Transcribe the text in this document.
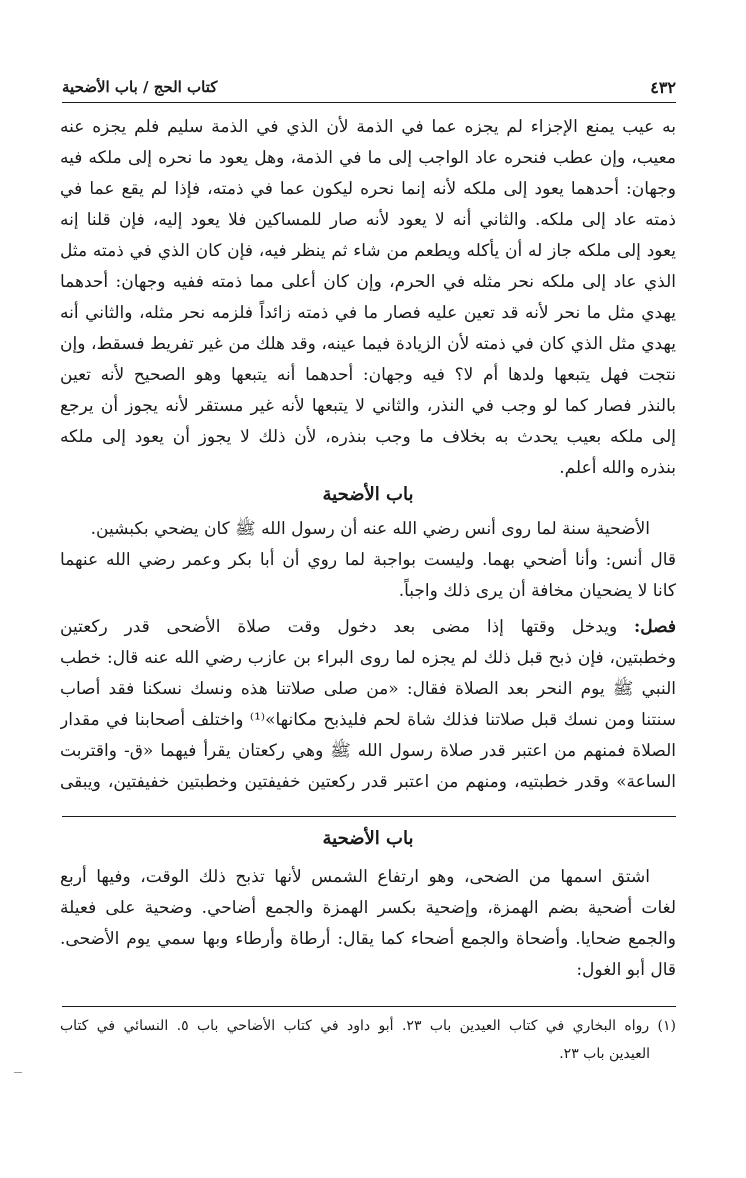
٤٣٢
كتاب الحج / باب الأضحية
به عيب يمنع الإجزاء لم يجزه عما في الذمة لأن الذي في الذمة سليم فلم يجزه عنه
معيب، وإن عطب فنحره عاد الواجب إلى ما في الذمة، وهل يعود ما نحره إلى ملكه فيه
وجهان: أحدهما يعود إلى ملكه لأنه إنما نحره ليكون عما في ذمته، فإذا لم يقع عما في
ذمته عاد إلى ملكه. والثاني أنه لا يعود لأنه صار للمساكين فلا يعود إليه، فإن قلنا إنه
يعود إلى ملكه جاز له أن يأكله ويطعم من شاء ثم ينظر فيه، فإن كان الذي في ذمته مثل
الذي عاد إلى ملكه نحر مثله في الحرم، وإن كان أعلى مما ذمته ففيه وجهان: أحدهما
يهدي مثل ما نحر لأنه قد تعين عليه فصار ما في ذمته زائداً فلزمه نحر مثله، والثاني أنه
يهدي مثل الذي كان في ذمته لأن الزيادة فيما عينه، وقد هلك من غير تفريط فسقط، وإن
نتجت فهل يتبعها ولدها أم لا؟ فيه وجهان: أحدهما أنه يتبعها وهو الصحيح لأنه تعين
بالنذر فصار كما لو وجب في النذر، والثاني لا يتبعها لأنه غير مستقر لأنه يجوز أن يرجع
إلى ملكه بعيب يحدث به بخلاف ما وجب بنذره، لأن ذلك لا يجوز أن يعود إلى ملكه
بنذره والله أعلم.
باب الأضحية
الأضحية سنة لما روى أنس رضي الله عنه أن رسول الله ﷺ كان يضحي بكبشين.
قال أنس: وأنا أضحي بهما. وليست بواجبة لما روي أن أبا بكر وعمر رضي الله عنهما
كانا لا يضحيان مخافة أن يرى ذلك واجباً.
فصل: ويدخل وقتها إذا مضى بعد دخول وقت صلاة الأضحى قدر ركعتين
وخطبتين، فإن ذبح قبل ذلك لم يجزه لما روى البراء بن عازب رضي الله عنه قال: خطب
النبي ﷺ يوم النحر بعد الصلاة فقال: «من صلى صلاتنا هذه ونسك نسكنا فقد أصاب
سنتنا ومن نسك قبل صلاتنا فذلك شاة لحم فليذبح مكانها»⁽¹⁾ واختلف أصحابنا في مقدار
الصلاة فمنهم من اعتبر قدر صلاة رسول الله ﷺ وهي ركعتان يقرأ فيهما «ق- واقتربت
الساعة» وقدر خطبتيه، ومنهم من اعتبر قدر ركعتين خفيفتين وخطبتين خفيفتين، ويبقى
باب الأضحية
اشتق اسمها من الضحى، وهو ارتفاع الشمس لأنها تذبح ذلك الوقت، وفيها أربع
لغات أضحية بضم الهمزة، وإضحية بكسر الهمزة والجمع أضاحي. وضحية على فعيلة
والجمع ضحايا. وأضحاة والجمع أضحاء كما يقال: أرطاة وأرطاء وبها سمي يوم الأضحى.
قال أبو الغول:
(١) رواه البخاري في كتاب العيدين باب ٢٣. أبو داود في كتاب الأضاحي باب ٥. النسائي في كتاب
العيدين باب ٢٣.
